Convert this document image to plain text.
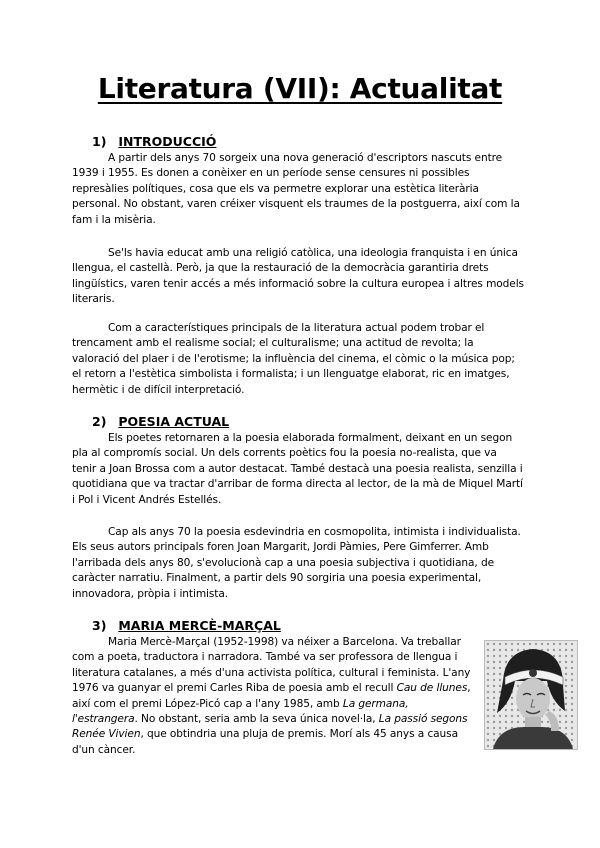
Literatura (VII): Actualitat

1) INTRODUCCIÓ

A partir dels anys 70 sorgeix una nova generació d'escriptors nascuts entre 1939 i 1955. Es donen a conèixer en un període sense censures ni possibles represàlies polítiques, cosa que els va permetre explorar una estètica literària personal. No obstant, varen créixer visquent els traumes de la postguerra, així com la fam i la misèria.

Se'ls havia educat amb una religió catòlica, una ideologia franquista i en única llengua, el castellà. Però, ja que la restauració de la democràcia garantiria drets lingüístics, varen tenir accés a més informació sobre la cultura europea i altres models literaris.

Com a característiques principals de la literatura actual podem trobar el trencament amb el realisme social; el culturalisme; una actitud de revolta; la valoració del plaer i de l'erotisme; la influència del cinema, el còmic o la música pop; el retorn a l'estètica simbolista i formalista; i un llenguatge elaborat, ric en imatges, hermètic i de difícil interpretació.

2) POESIA ACTUAL

Els poetes retornaren a la poesia elaborada formalment, deixant en un segon pla al compromís social. Un dels corrents poètics fou la poesia no-realista, que va tenir a Joan Brossa com a autor destacat. També destacà una poesia realista, senzilla i quotidiana que va tractar d'arribar de forma directa al lector, de la mà de Miquel Martí i Pol i Vicent Andrés Estellés.

Cap als anys 70 la poesia esdevindria en cosmopolita, intimista i individualista. Els seus autors principals foren Joan Margarit, Jordi Pàmies, Pere Gimferrer. Amb l'arribada dels anys 80, s'evolucionà cap a una poesia subjectiva i quotidiana, de caràcter narratiu. Finalment, a partir dels 90 sorgiria una poesia experimental, innovadora, pròpia i intimista.

3) MARIA MERCÈ-MARÇAL

Maria Mercè-Marçal (1952-1998) va néixer a Barcelona. Va treballar com a poeta, traductora i narradora. També va ser professora de llengua i literatura catalanes, a més d'una activista política, cultural i feminista. L'any 1976 va guanyar el premi Carles Riba de poesia amb el recull Cau de llunes, així com el premi López-Picó cap a l'any 1985, amb La germana, l'estrangera. No obstant, seria amb la seva única novel·la, La passió segons Renée Vivien, que obtindria una pluja de premis. Morí als 45 anys a causa d'un càncer.
